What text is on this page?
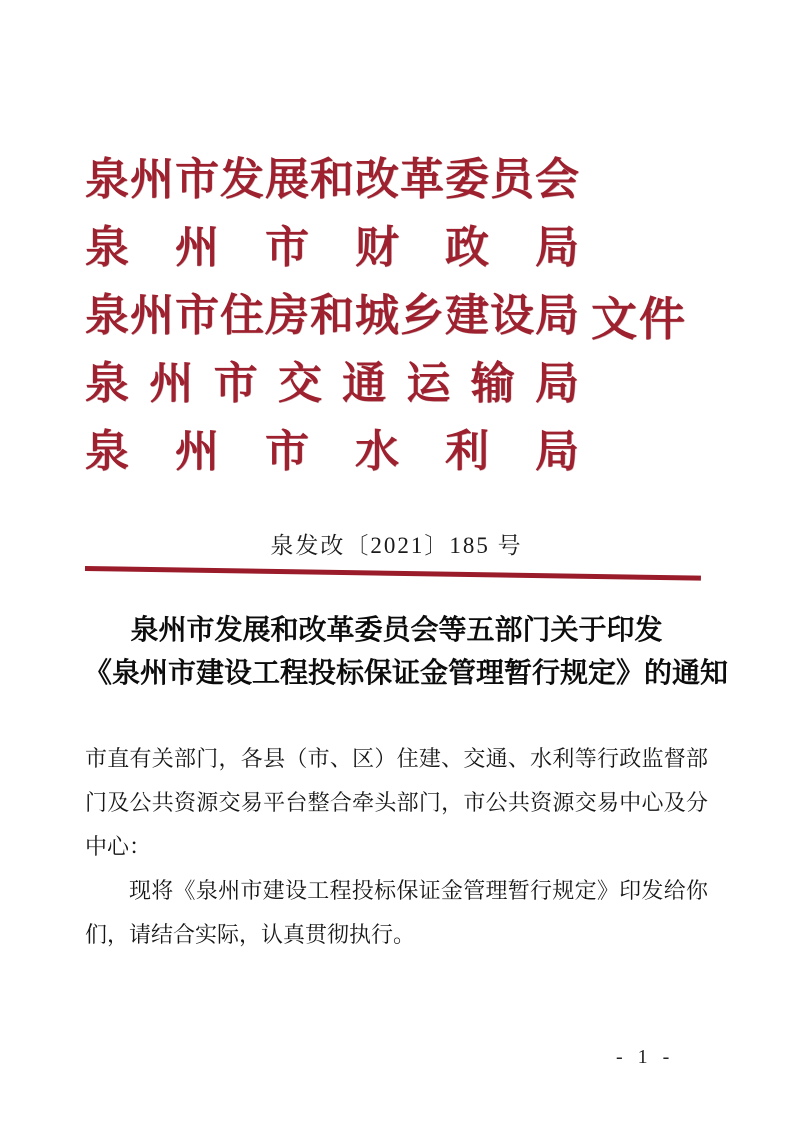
泉州市发展和改革委员会
泉州市财政局
泉州市住房和城乡建设局
泉州市交通运输局
泉州市水利局
文件
泉发改〔2021〕185 号
泉州市发展和改革委员会等五部门关于印发
《泉州市建设工程投标保证金管理暂行规定》的通知
市直有关部门，各县（市、区）住建、交通、水利等行政监督部
门及公共资源交易平台整合牵头部门，市公共资源交易中心及分
中心：
现将《泉州市建设工程投标保证金管理暂行规定》印发给你
们，请结合实际，认真贯彻执行。
- 1 -
